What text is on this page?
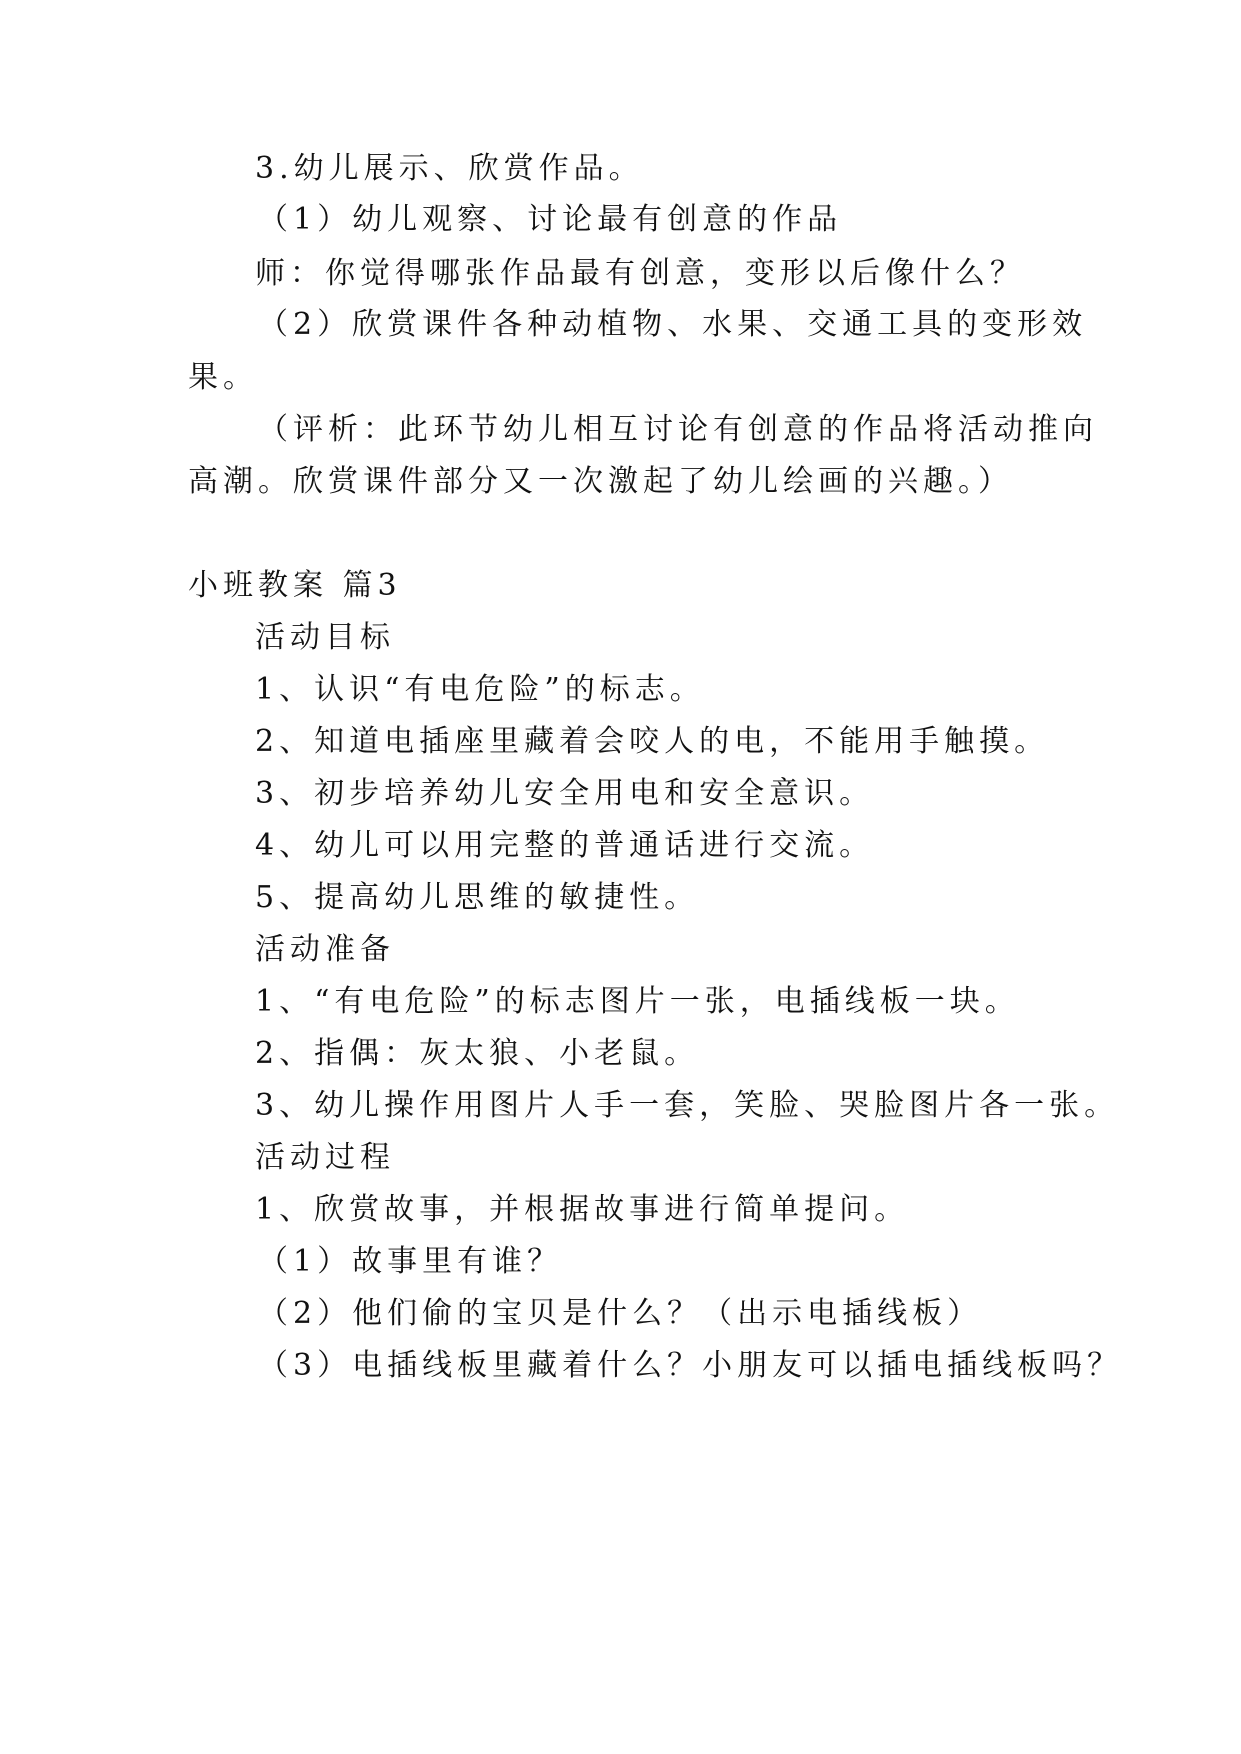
3.幼儿展示、欣赏作品。
（1）幼儿观察、讨论最有创意的作品
师：你觉得哪张作品最有创意，变形以后像什么？
（2）欣赏课件各种动植物、水果、交通工具的变形效
果。
（评析：此环节幼儿相互讨论有创意的作品将活动推向
高潮。欣赏课件部分又一次激起了幼儿绘画的兴趣。）
小班教案 篇3
活动目标
1、认识“有电危险”的标志。
2、知道电插座里藏着会咬人的电，不能用手触摸。
3、初步培养幼儿安全用电和安全意识。
4、幼儿可以用完整的普通话进行交流。
5、提高幼儿思维的敏捷性。
活动准备
1、“有电危险”的标志图片一张，电插线板一块。
2、指偶：灰太狼、小老鼠。
3、幼儿操作用图片人手一套，笑脸、哭脸图片各一张。
活动过程
1、欣赏故事，并根据故事进行简单提问。
（1）故事里有谁？
（2）他们偷的宝贝是什么？（出示电插线板）
（3）电插线板里藏着什么？小朋友可以插电插线板吗？
